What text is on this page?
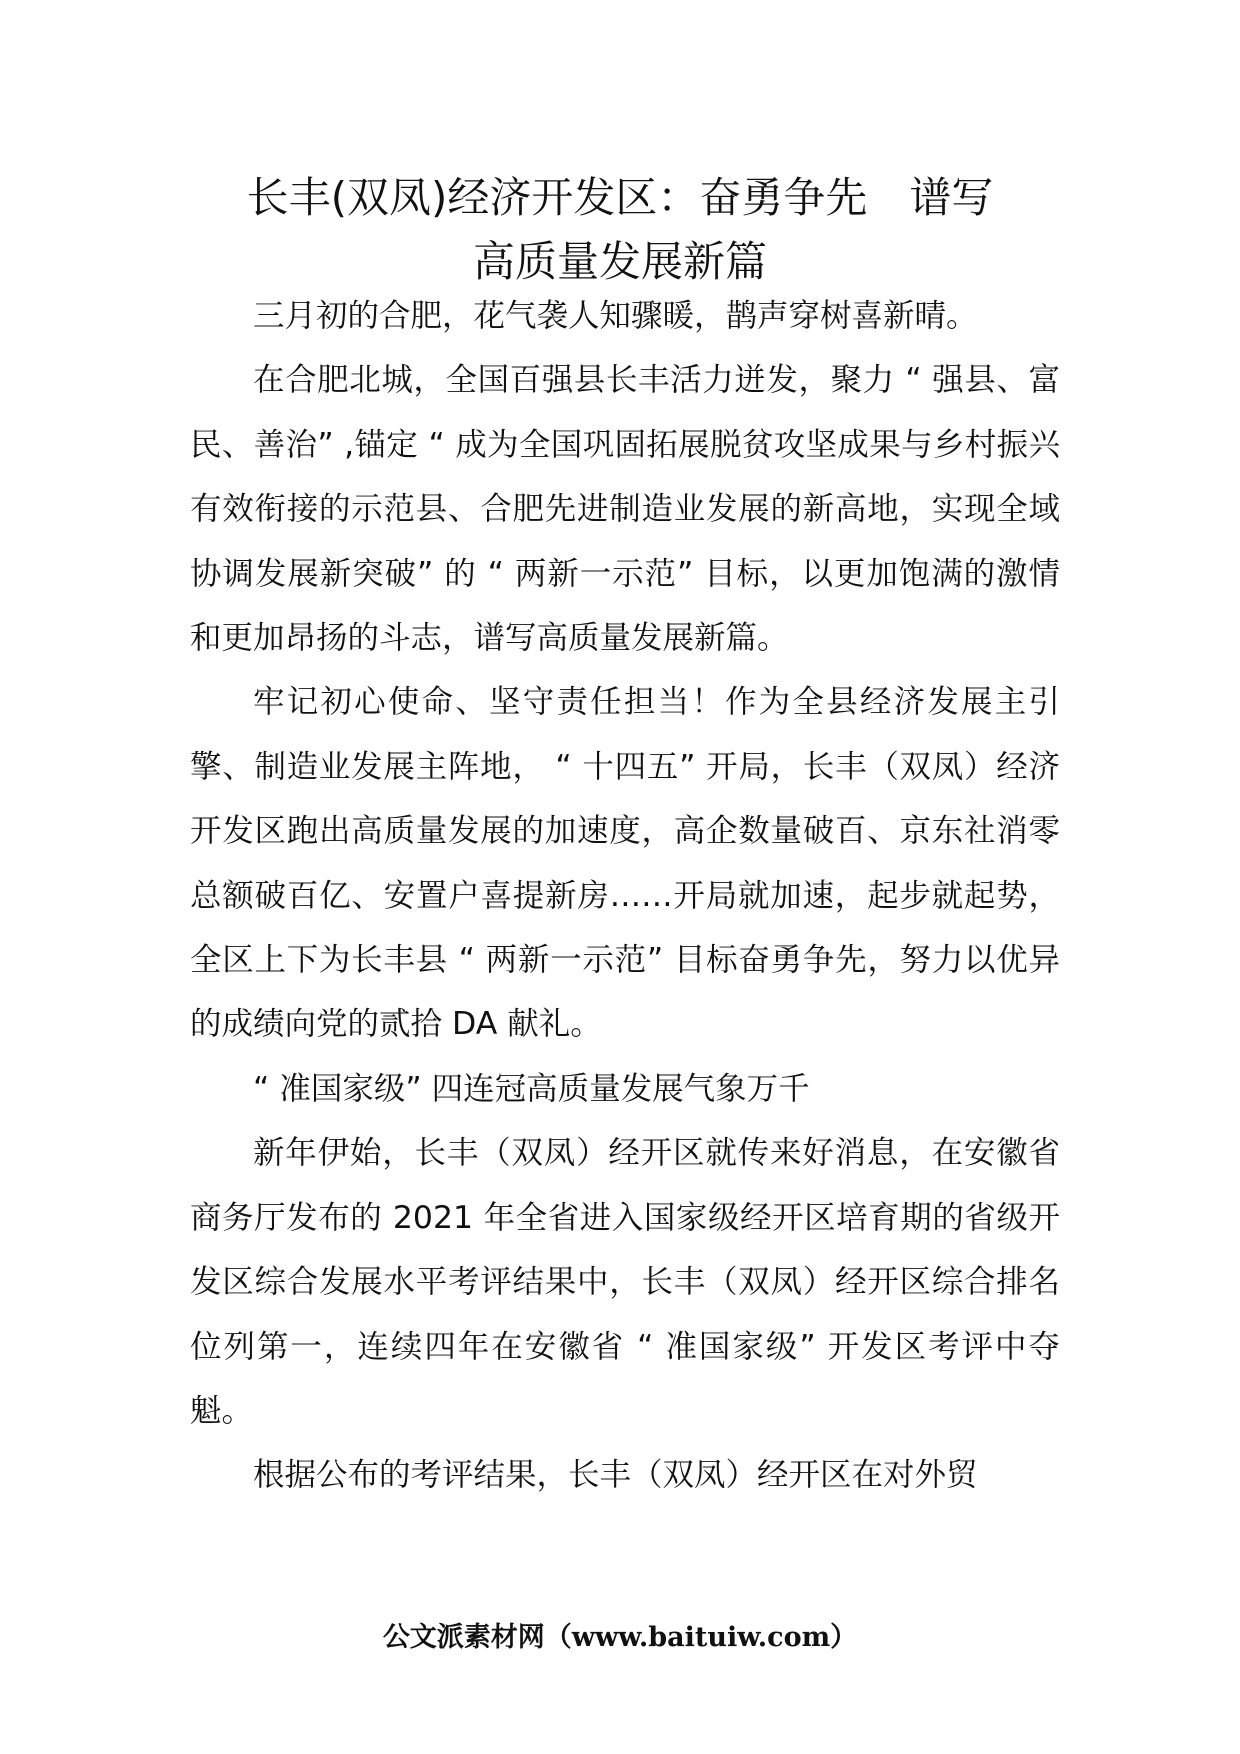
长丰(双凤)经济开发区：奋勇争先　谱写
高质量发展新篇

三月初的合肥，花气袭人知骤暖，鹊声穿树喜新晴。

在合肥北城，全国百强县长丰活力迸发，聚力 “ 强县、富民、善治” ,锚定 “ 成为全国巩固拓展脱贫攻坚成果与乡村振兴有效衔接的示范县、合肥先进制造业发展的新高地，实现全域协调发展新突破” 的 “ 两新一示范” 目标，以更加饱满的激情和更加昂扬的斗志，谱写高质量发展新篇。

牢记初心使命、坚守责任担当！作为全县经济发展主引擎、制造业发展主阵地， “ 十四五” 开局，长丰（双凤）经济开发区跑出高质量发展的加速度，高企数量破百、京东社消零总额破百亿、安置户喜提新房……开局就加速，起步就起势，全区上下为长丰县 “ 两新一示范” 目标奋勇争先，努力以优异的成绩向党的贰拾 DA 献礼。

“ 准国家级” 四连冠高质量发展气象万千

新年伊始，长丰（双凤）经开区就传来好消息，在安徽省商务厅发布的 2021 年全省进入国家级经开区培育期的省级开发区综合发展水平考评结果中，长丰（双凤）经开区综合排名位列第一，连续四年在安徽省 “ 准国家级” 开发区考评中夺魁。

根据公布的考评结果，长丰（双凤）经开区在对外贸

公文派素材网（www.baituiw.com）
